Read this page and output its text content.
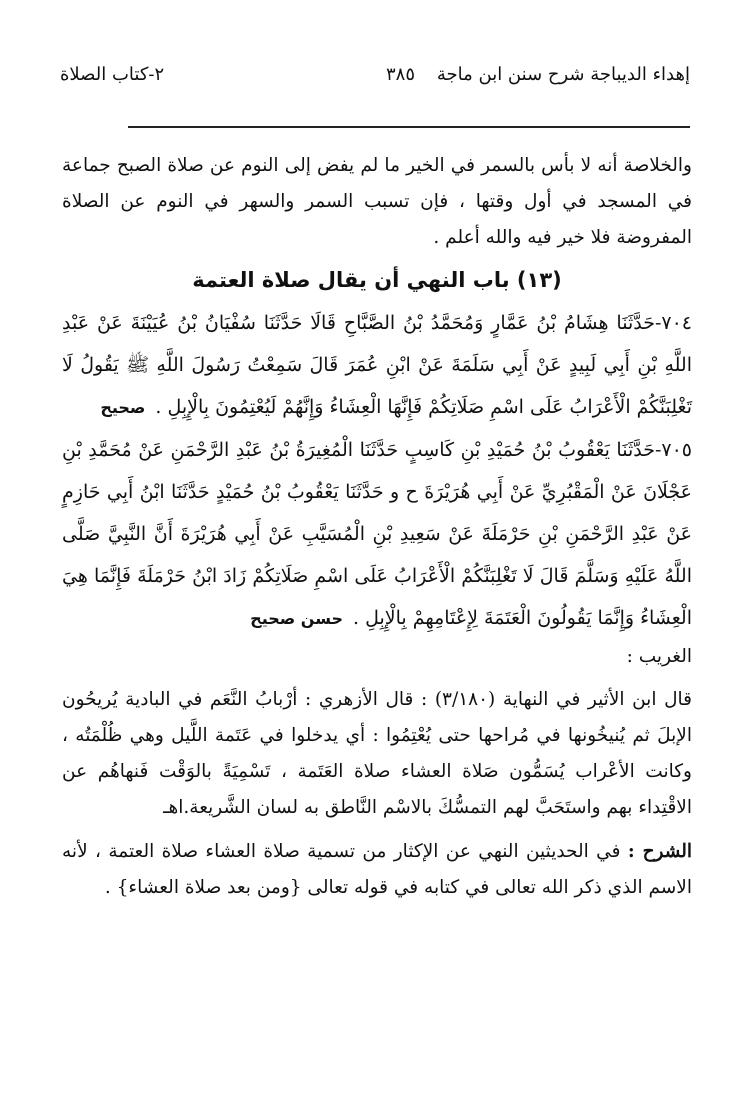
إهداء الديباجة شرح سنن ابن ماجة
٣٨٥
٢-كتاب الصلاة

والخلاصة أنه لا بأس بالسمر في الخير ما لم يفض إلى النوم عن صلاة الصبح جماعة في المسجد في أول وقتها ، فإن تسبب السمر والسهر في النوم عن الصلاة المفروضة فلا خير فيه والله أعلم .

(١٣) باب النهي أن يقال صلاة العتمة

٧٠٤-حَدَّثَنَا هِشَامُ بْنُ عَمَّارٍ وَمُحَمَّدُ بْنُ الصَّبَّاحِ قَالَا حَدَّثَنَا سُفْيَانُ بْنُ عُيَيْنَةَ عَنْ عَبْدِ اللَّهِ بْنِ أَبِي لَبِيدٍ عَنْ أَبِي سَلَمَةَ عَنْ ابْنِ عُمَرَ قَالَ سَمِعْتُ رَسُولَ اللَّهِ ﷺ يَقُولُ لَا تَغْلِبَنَّكُمْ الْأَعْرَابُ عَلَى اسْمِ صَلَاتِكُمْ فَإِنَّهَا الْعِشَاءُ وَإِنَّهُمْ لَيُعْتِمُونَ بِالْإِبِلِ .صحيح

٧٠٥-حَدَّثَنَا يَعْقُوبُ بْنُ حُمَيْدِ بْنِ كَاسِبٍ حَدَّثَنَا الْمُغِيرَةُ بْنُ عَبْدِ الرَّحْمَنِ عَنْ مُحَمَّدِ بْنِ عَجْلَانَ عَنْ الْمَقْبُرِيِّ عَنْ أَبِي هُرَيْرَةَ ح و حَدَّثَنَا يَعْقُوبُ بْنُ حُمَيْدٍ حَدَّثَنَا ابْنُ أَبِي حَازِمٍ عَنْ عَبْدِ الرَّحْمَنِ بْنِ حَرْمَلَةَ عَنْ سَعِيدِ بْنِ الْمُسَيَّبِ عَنْ أَبِي هُرَيْرَةَ أَنَّ النَّبِيَّ صَلَّى اللَّهُ عَلَيْهِ وَسَلَّمَ قَالَ لَا تَغْلِبَنَّكُمْ الْأَعْرَابُ عَلَى اسْمِ صَلَاتِكُمْ زَادَ ابْنُ حَرْمَلَةَ فَإِنَّمَا هِيَ الْعِشَاءُ وَإِنَّمَا يَقُولُونَ الْعَتَمَةَ لِإِعْتَامِهِمْ بِالْإِبِلِ .حسن صحيح

الغريب :

قال ابن الأثير في النهاية (٣/١٨٠) : قال الأزهري : أرْبابُ النَّعَم في البادية يُريحُون الإبلَ ثم يُنيخُونها في مُراحها حتى يُعْتِمُوا : أي يدخلوا في عَتَمة اللَّيل وهي ظُلْمَتُه ، وكانت الأعْراب يُسَمُّون صَلاة العشاء صلاة العَتَمة ، تَسْمِيَةً بالوَقْت فَنهاهُم عن الاقْتِداء بهم واستَحَبَّ لهم التمسُّكَ بالاسْم النَّاطق به لسان الشَّريعة.اهـ

الشرح : في الحديثين النهي عن الإكثار من تسمية صلاة العشاء صلاة العتمة ، لأنه الاسم الذي ذكر الله تعالى في كتابه في قوله تعالى {ومن بعد صلاة العشاء} .
